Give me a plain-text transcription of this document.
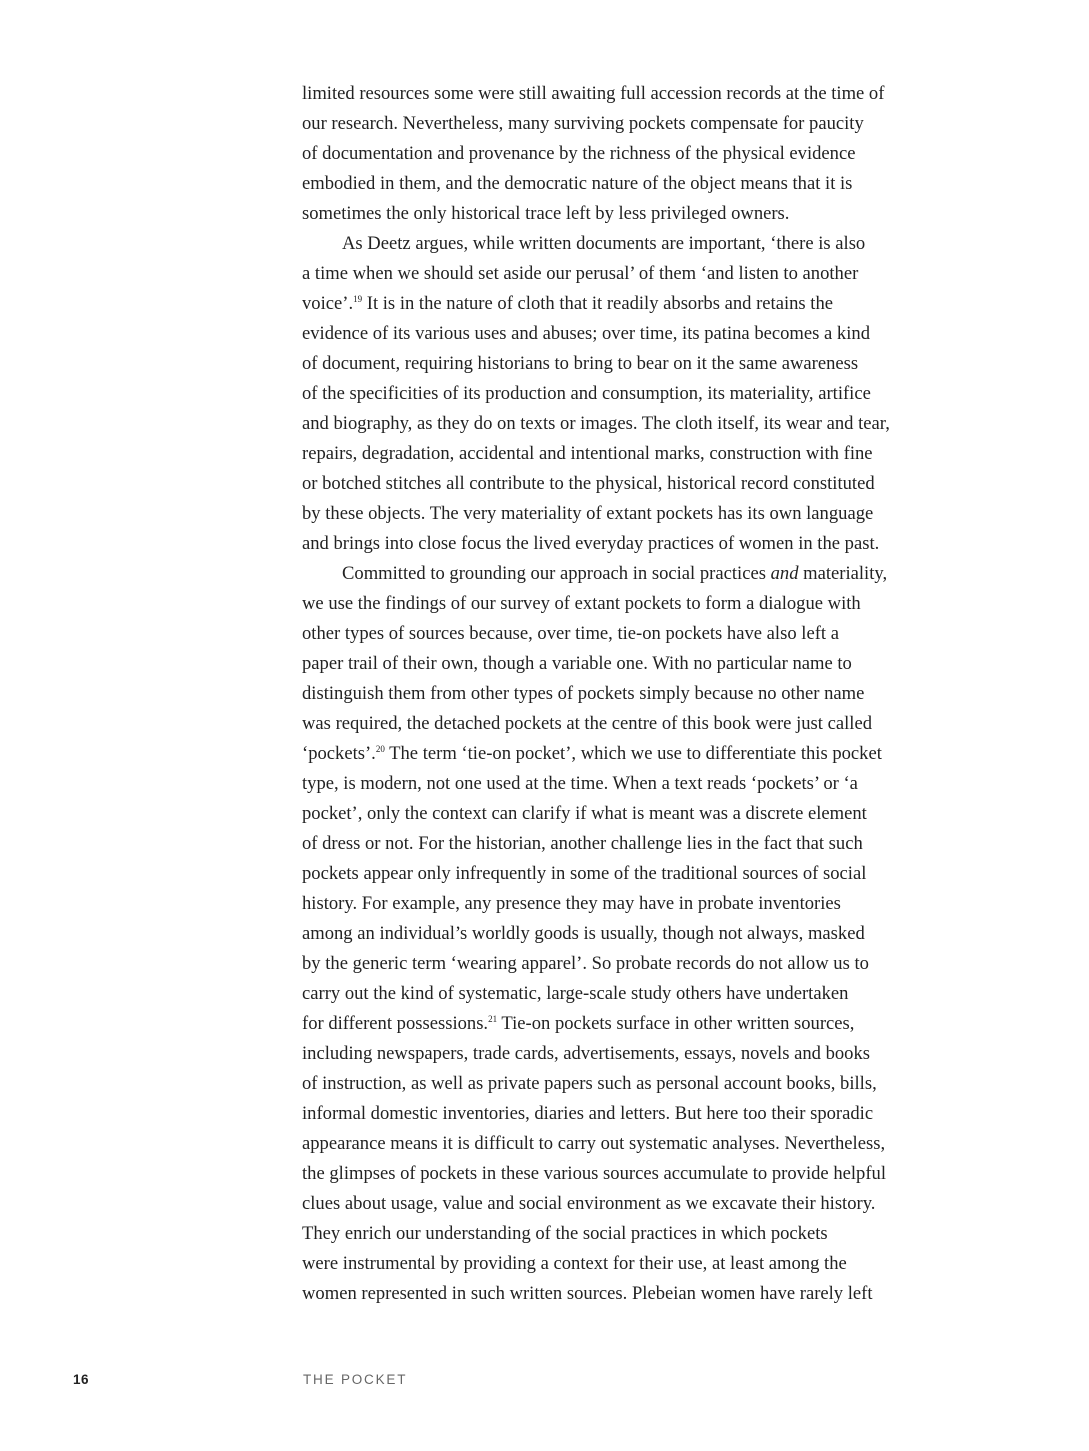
limited resources some were still awaiting full accession records at the time of
our research. Nevertheless, many surviving pockets compensate for paucity
of documentation and provenance by the richness of the physical evidence
embodied in them, and the democratic nature of the object means that it is
sometimes the only historical trace left by less privileged owners.
As Deetz argues, while written documents are important, ‘there is also
a time when we should set aside our perusal’ of them ‘and listen to another
voice’.$^{19}$ It is in the nature of cloth that it readily absorbs and retains the
evidence of its various uses and abuses; over time, its patina becomes a kind
of document, requiring historians to bring to bear on it the same awareness
of the specificities of its production and consumption, its materiality, artifice
and biography, as they do on texts or images. The cloth itself, its wear and tear,
repairs, degradation, accidental and intentional marks, construction with fine
or botched stitches all contribute to the physical, historical record constituted
by these objects. The very materiality of extant pockets has its own language
and brings into close focus the lived everyday practices of women in the past.
Committed to grounding our approach in social practices and materiality,
we use the findings of our survey of extant pockets to form a dialogue with
other types of sources because, over time, tie-on pockets have also left a
paper trail of their own, though a variable one. With no particular name to
distinguish them from other types of pockets simply because no other name
was required, the detached pockets at the centre of this book were just called
‘pockets’.$^{20}$ The term ‘tie-on pocket’, which we use to differentiate this pocket
type, is modern, not one used at the time. When a text reads ‘pockets’ or ‘a
pocket’, only the context can clarify if what is meant was a discrete element
of dress or not. For the historian, another challenge lies in the fact that such
pockets appear only infrequently in some of the traditional sources of social
history. For example, any presence they may have in probate inventories
among an individual’s worldly goods is usually, though not always, masked
by the generic term ‘wearing apparel’. So probate records do not allow us to
carry out the kind of systematic, large-scale study others have undertaken
for different possessions.$^{21}$ Tie-on pockets surface in other written sources,
including newspapers, trade cards, advertisements, essays, novels and books
of instruction, as well as private papers such as personal account books, bills,
informal domestic inventories, diaries and letters. But here too their sporadic
appearance means it is difficult to carry out systematic analyses. Nevertheless,
the glimpses of pockets in these various sources accumulate to provide helpful
clues about usage, value and social environment as we excavate their history.
They enrich our understanding of the social practices in which pockets
were instrumental by providing a context for their use, at least among the
women represented in such written sources. Plebeian women have rarely left
16	THE POCKET
